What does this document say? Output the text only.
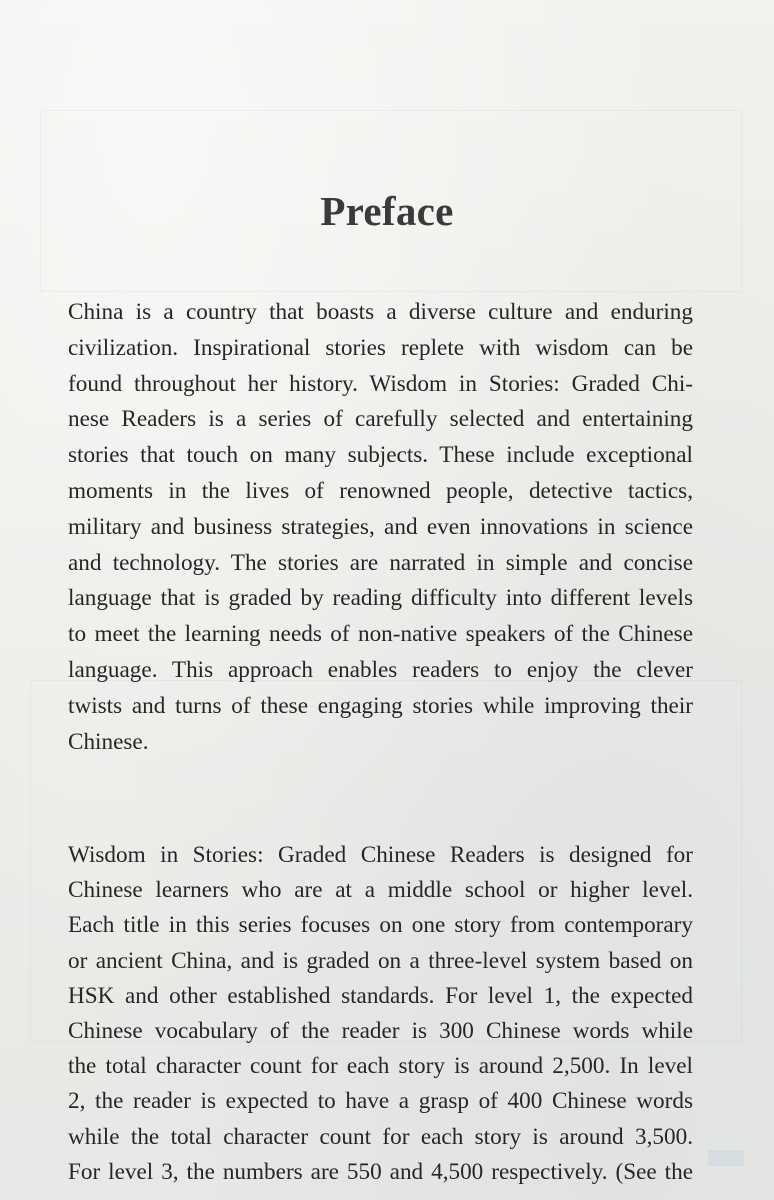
Preface
China is a country that boasts a diverse culture and enduring
civilization. Inspirational stories replete with wisdom can be
found throughout her history. Wisdom in Stories: Graded Chi-
nese Readers is a series of carefully selected and entertaining
stories that touch on many subjects. These include exceptional
moments in the lives of renowned people, detective tactics,
military and business strategies, and even innovations in science
and technology. The stories are narrated in simple and concise
language that is graded by reading difficulty into different levels
to meet the learning needs of non-native speakers of the Chinese
language. This approach enables readers to enjoy the clever
twists and turns of these engaging stories while improving their
Chinese.
Wisdom in Stories: Graded Chinese Readers is designed for
Chinese learners who are at a middle school or higher level.
Each title in this series focuses on one story from contemporary
or ancient China, and is graded on a three-level system based on
HSK and other established standards. For level 1, the expected
Chinese vocabulary of the reader is 300 Chinese words while
the total character count for each story is around 2,500. In level
2, the reader is expected to have a grasp of 400 Chinese words
while the total character count for each story is around 3,500.
For level 3, the numbers are 550 and 4,500 respectively. (See the
